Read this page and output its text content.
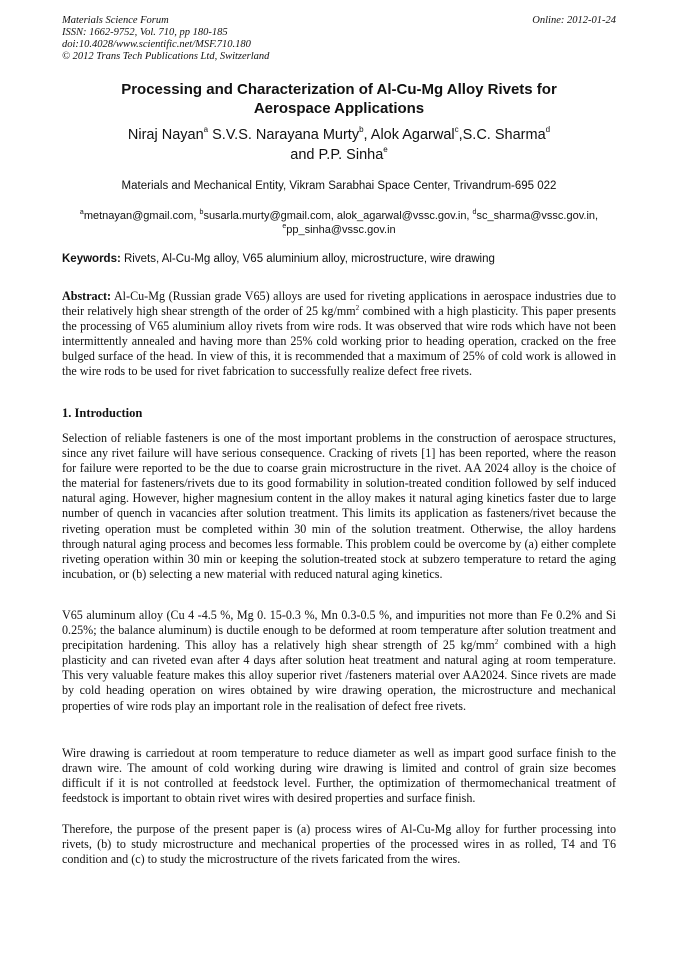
Materials Science Forum
ISSN: 1662-9752, Vol. 710, pp 180-185
doi:10.4028/www.scientific.net/MSF.710.180
© 2012 Trans Tech Publications Ltd, Switzerland
Online: 2012-01-24
Processing and Characterization of Al-Cu-Mg Alloy Rivets for
Aerospace Applications
Niraj Nayan$^a$ S.V.S. Narayana Murty$^b$, Alok Agarwal$^c$,S.C. Sharma$^d$
and P.P. Sinha$^e$
Materials and Mechanical Entity, Vikram Sarabhai Space Center, Trivandrum-695 022
$^a$metnayan@gmail.com, $^b$susarla.murty@gmail.com, alok_agarwal@vssc.gov.in, $^d$sc_sharma@vssc.gov.in,
$^e$pp_sinha@vssc.gov.in
Keywords: Rivets, Al-Cu-Mg alloy, V65 aluminium alloy, microstructure, wire drawing
Abstract: Al-Cu-Mg (Russian grade V65) alloys are used for riveting applications in aerospace industries due to their relatively high shear strength of the order of 25 $kg/mm^2$ combined with a high plasticity. This paper presents the processing of V65 aluminium alloy rivets from wire rods. It was observed that wire rods which have not been intermittently annealed and having more than 25% cold working prior to heading operation, cracked on the free bulged surface of the head. In view of this, it is recommended that a maximum of 25% of cold work is allowed in the wire rods to be used for rivet fabrication to successfully realize defect free rivets.
1. Introduction
Selection of reliable fasteners is one of the most important problems in the construction of aerospace structures, since any rivet failure will have serious consequence. Cracking of rivets [1] has been reported, where the reason for failure were reported to be the due to coarse grain microstructure in the rivet. AA 2024 alloy is the choice of the material for fasteners/rivets due to its good formability in solution-treated condition followed by self induced natural aging. However, higher magnesium content in the alloy makes it natural aging kinetics faster due to large number of quench in vacancies after solution treatment. This limits its application as fasteners/rivet because the riveting operation must be completed within 30 min of the solution treatment. Otherwise, the alloy hardens through natural aging process and becomes less formable. This problem could be overcome by (a) either complete riveting operation within 30 min or keeping the solution-treated stock at subzero temperature to retard the aging incubation, or (b) selecting a new material with reduced natural aging kinetics.
V65 aluminum alloy (Cu 4 -4.5 %, Mg 0. 15-0.3 %, Mn 0.3-0.5 %, and impurities not more than Fe 0.2% and Si 0.25%; the balance aluminum) is ductile enough to be deformed at room temperature after solution treatment and precipitation hardening. This alloy has a relatively high shear strength of 25 $kg/mm^2$ combined with a high plasticity and can riveted evan after 4 days after solution heat treatment and natural aging at room temperature. This very valuable feature makes this alloy superior rivet /fasteners material over AA2024. Since rivets are made by cold heading operation on wires obtained by wire drawing operation, the microstructure and mechanical properties of wire rods play an important role in the realisation of defect free rivets.
Wire drawing is carriedout at room temperature to reduce diameter as well as impart good surface finish to the drawn wire. The amount of cold working during wire drawing is limited and control of grain size becomes difficult if it is not controlled at feedstock level. Further, the optimization of thermomechanical treatment of feedstock is important to obtain rivet wires with desired properties and surface finish.
Therefore, the purpose of the present paper is (a) process wires of Al-Cu-Mg alloy for further processing into rivets, (b) to study microstructure and mechanical properties of the processed wires in as rolled, T4 and T6 condition and (c) to study the microstructure of the rivets faricated from the wires.
